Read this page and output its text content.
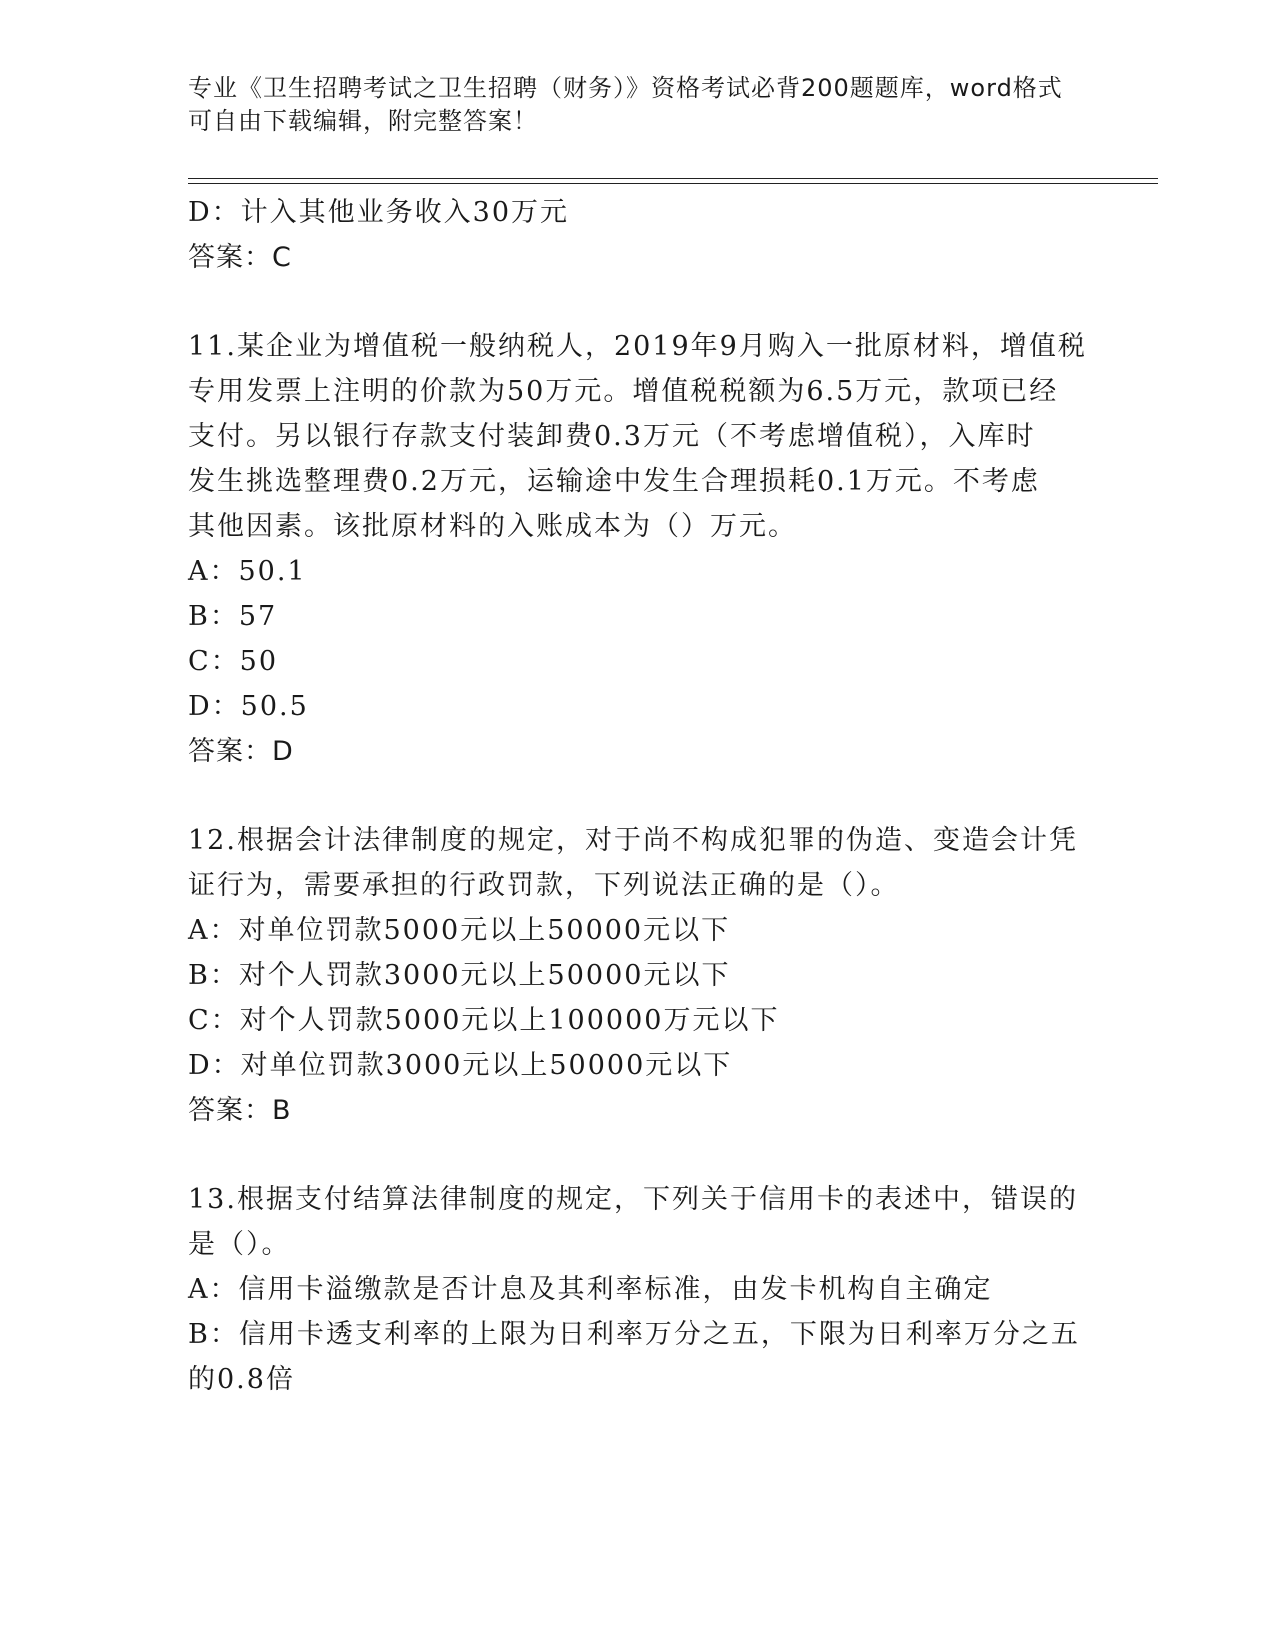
专业《卫生招聘考试之卫生招聘（财务）》资格考试必背200题题库，word格式
可自由下载编辑，附完整答案！
D：计入其他业务收入30万元
答案：C
11.某企业为增值税一般纳税人，2019年9月购入一批原材料，增值税
专用发票上注明的价款为50万元。增值税税额为6.5万元，款项已经
支付。另以银行存款支付装卸费0.3万元（不考虑增值税），入库时
发生挑选整理费0.2万元，运输途中发生合理损耗0.1万元。不考虑
其他因素。该批原材料的入账成本为（）万元。
A：50.1
B：57
C：50
D：50.5
答案：D
12.根据会计法律制度的规定，对于尚不构成犯罪的伪造、变造会计凭
证行为，需要承担的行政罚款，下列说法正确的是（）。
A：对单位罚款5000元以上50000元以下
B：对个人罚款3000元以上50000元以下
C：对个人罚款5000元以上100000万元以下
D：对单位罚款3000元以上50000元以下
答案：B
13.根据支付结算法律制度的规定，下列关于信用卡的表述中，错误的
是（）。
A：信用卡溢缴款是否计息及其利率标准，由发卡机构自主确定
B：信用卡透支利率的上限为日利率万分之五，下限为日利率万分之五
的0.8倍
